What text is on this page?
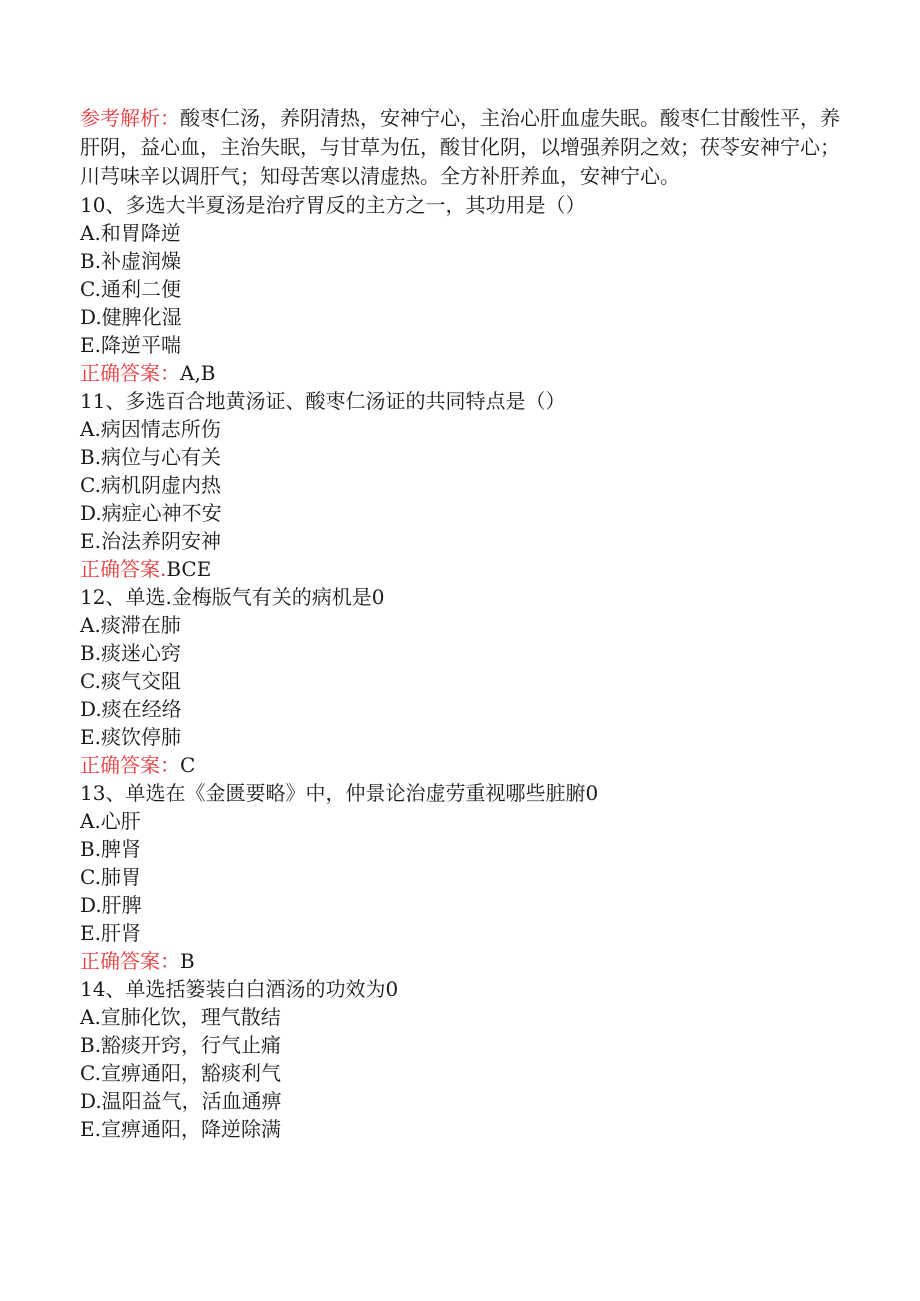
参考解析：酸枣仁汤，养阴清热，安神宁心，主治心肝血虚失眠。酸枣仁甘酸性平，养肝阴，益心血，主治失眠，与甘草为伍，酸甘化阴，以增强养阴之效；茯苓安神宁心；川芎味辛以调肝气；知母苦寒以清虚热。全方补肝养血，安神宁心。

10、多选大半夏汤是治疗胃反的主方之一，其功用是（）
A.和胃降逆
B.补虚润燥
C.通利二便
D.健脾化湿
E.降逆平喘
正确答案：A,B
11、多选百合地黄汤证、酸枣仁汤证的共同特点是（）
A.病因情志所伤
B.病位与心有关
C.病机阴虚内热
D.病症心神不安
E.治法养阴安神
正确答案.BCE
12、单选.金梅版气有关的病机是0
A.痰滞在肺
B.痰迷心窍
C.痰气交阻
D.痰在经络
E.痰饮停肺
正确答案：C
13、单选在《金匮要略》中，仲景论治虚劳重视哪些脏腑0
A.心肝
B.脾肾
C.肺胃
D.肝脾
E.肝肾
正确答案：B
14、单选括篓装白白酒汤的功效为0
A.宣肺化饮，理气散结
B.豁痰开窍，行气止痛
C.宣痹通阳，豁痰利气
D.温阳益气，活血通痹
E.宣痹通阳，降逆除满
